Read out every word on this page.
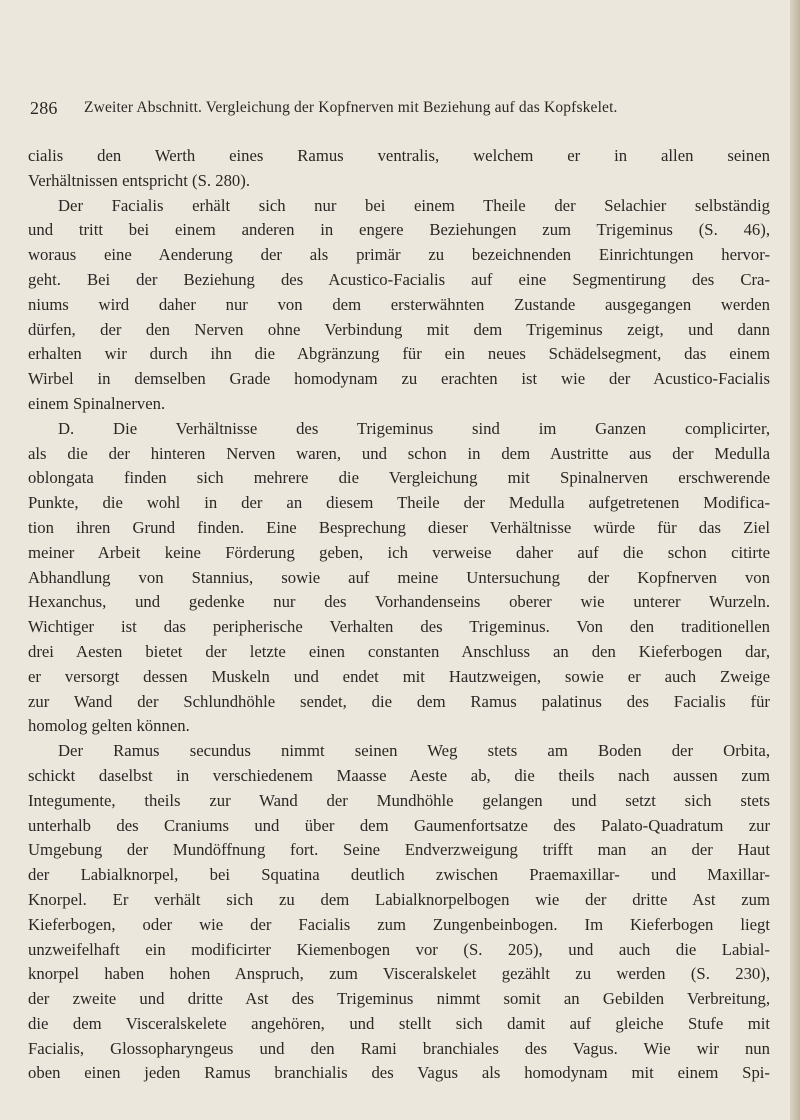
286 Zweiter Abschnitt. Vergleichung der Kopfnerven mit Beziehung auf das Kopfskelet.
cialis den Werth eines Ramus ventralis, welchem er in allen seinen
Verhältnissen entspricht (S. 280).
Der Facialis erhält sich nur bei einem Theile der Selachier selbständig
und tritt bei einem anderen in engere Beziehungen zum Trigeminus (S. 46),
woraus eine Aenderung der als primär zu bezeichnenden Einrichtungen hervor-
geht. Bei der Beziehung des Acustico-Facialis auf eine Segmentirung des Cra-
niums wird daher nur von dem ersterwähnten Zustande ausgegangen werden
dürfen, der den Nerven ohne Verbindung mit dem Trigeminus zeigt, und dann
erhalten wir durch ihn die Abgränzung für ein neues Schädelsegment, das einem
Wirbel in demselben Grade homodynam zu erachten ist wie der Acustico-Facialis
einem Spinalnerven.
D. Die Verhältnisse des Trigeminus sind im Ganzen complicirter,
als die der hinteren Nerven waren, und schon in dem Austritte aus der Medulla
oblongata finden sich mehrere die Vergleichung mit Spinalnerven erschwerende
Punkte, die wohl in der an diesem Theile der Medulla aufgetretenen Modifica-
tion ihren Grund finden. Eine Besprechung dieser Verhältnisse würde für das Ziel
meiner Arbeit keine Förderung geben, ich verweise daher auf die schon citirte
Abhandlung von Stannius, sowie auf meine Untersuchung der Kopfnerven von
Hexanchus, und gedenke nur des Vorhandenseins oberer wie unterer Wurzeln.
Wichtiger ist das peripherische Verhalten des Trigeminus. Von den traditionellen
drei Aesten bietet der letzte einen constanten Anschluss an den Kieferbogen dar,
er versorgt dessen Muskeln und endet mit Hautzweigen, sowie er auch Zweige
zur Wand der Schlundhöhle sendet, die dem Ramus palatinus des Facialis für
homolog gelten können.
Der Ramus secundus nimmt seinen Weg stets am Boden der Orbita,
schickt daselbst in verschiedenem Maasse Aeste ab, die theils nach aussen zum
Integumente, theils zur Wand der Mundhöhle gelangen und setzt sich stets
unterhalb des Craniums und über dem Gaumenfortsatze des Palato-Quadratum zur
Umgebung der Mundöffnung fort. Seine Endverzweigung trifft man an der Haut
der Labialknorpel, bei Squatina deutlich zwischen Praemaxillar- und Maxillar-
Knorpel. Er verhält sich zu dem Labialknorpelbogen wie der dritte Ast zum
Kieferbogen, oder wie der Facialis zum Zungenbeinbogen. Im Kieferbogen liegt
unzweifelhaft ein modificirter Kiemenbogen vor (S. 205), und auch die Labial-
knorpel haben hohen Anspruch, zum Visceralskelet gezählt zu werden (S. 230),
der zweite und dritte Ast des Trigeminus nimmt somit an Gebilden Verbreitung,
die dem Visceralskelete angehören, und stellt sich damit auf gleiche Stufe mit
Facialis, Glossopharyngeus und den Rami branchiales des Vagus. Wie wir nun
oben einen jeden Ramus branchialis des Vagus als homodynam mit einem Spi-
